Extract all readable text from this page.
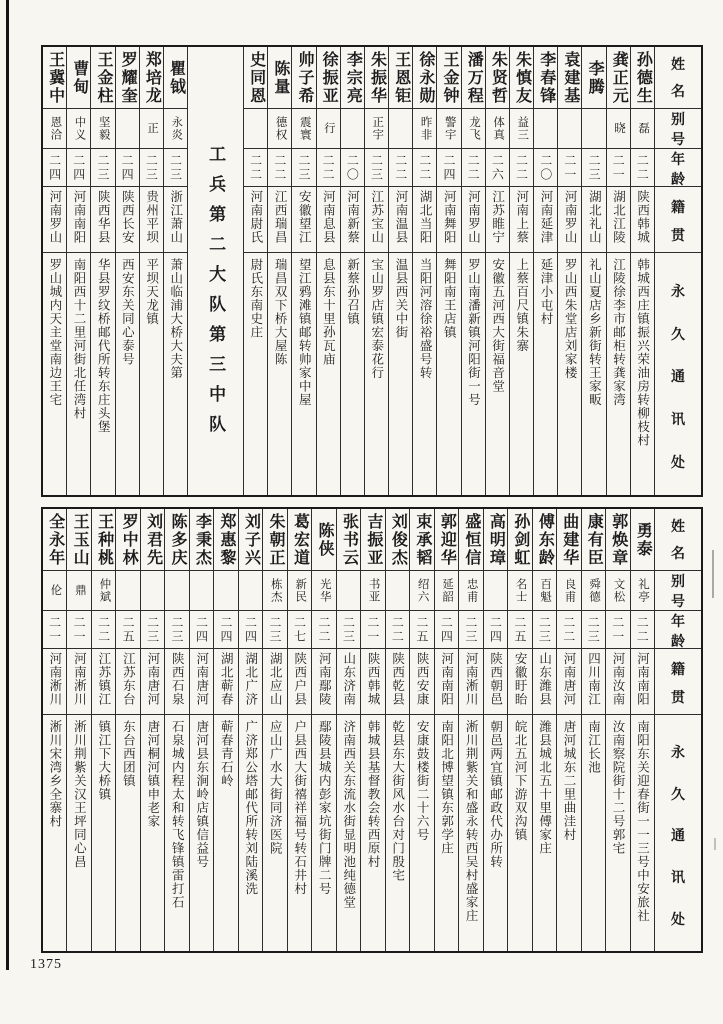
姓
名
别
号
年
龄
籍
贯
永
久
通
讯
处
孙德生
磊
二二
陕西韩城
韩城西庄镇振兴荣油房转柳枝村
龚正元
晓
二一
湖北江陵
江陵徐李市邮柜转龚家湾
李腾
二三
湖北礼山
礼山夏店乡新街转王家畈
袁建基
二一
河南罗山
罗山西朱堂店刘家楼
李春锋
二〇
河南延津
延津小屯村
朱慎友
益三
二二
河南上蔡
上蔡百尺镇朱寨
朱贤哲
体真
二六
江苏睢宁
安徽五河西大街福音堂
潘万程
龙飞
二二
河南罗山
罗山南潘新镇河阳街一号
王金钟
警宇
二四
河南舞阳
舞阳南王店镇
徐永勋
昨非
二二
湖北当阳
当阳河溶徐裕盛号转
王恩钜
二二
河南温县
温县西关中街
朱振华
正宇
二三
江苏宝山
宝山罗店镇宏泰花行
李宗亮
二〇
河南新蔡
新蔡孙召镇
徐振亚
行
二二
河南息县
息县东十里孙瓦庙
帅子希
震寰
二三
安徽望江
望江鸦滩镇邮转帅家中屋
陈量
德权
二二
江西瑞昌
瑞昌双下桥大屋陈
史同恩
二二
河南尉氏
尉氏东南史庄
工兵第二大队第三中队
瞿钺
永炎
二三
浙江萧山
萧山临浦大桥大夫第
郑培龙
正
二三
贵州平坝
平坝天龙镇
罗耀奎
二四
陕西长安
西安东关同心泰号
王金柱
坚毅
二三
陕西华县
华县罗纹桥邮代所转东庄头堡
曹甸
中义
二四
河南南阳
南阳西十二里河街北任湾村
王冀中
恩洽
二四
河南罗山
罗山城内天主堂南边王宅
姓
名
别
号
年
龄
籍
贯
永
久
通
讯
处
勇泰
礼亭
二二
河南南阳
南阳东关迎春街一一三号中安旅社
郭焕章
文松
二一
河南汝南
汝南察院街十二号郭宅
康有臣
舜德
二三
四川南江
南江长池
曲建华
良甫
二二
河南唐河
唐河城东二里曲洼村
傅东龄
百魁
二三
山东潍县
潍县城北五十里傅家庄
孙剑虹
名士
二五
安徽盱眙
皖北五河下游双沟镇
高明璋
二四
陕西朝邑
朝邑两宜镇邮政代办所转
盛恒信
忠甫
二三
河南淅川
淅川荆紫关和盛永转西吴村盛家庄
郭迎华
延韶
二四
河南南阳
南阳北博望镇东郭学庄
束承韬
绍六
二五
陕西安康
安康鼓楼街二十六号
刘俊杰
二二
陕西乾县
乾县东大街风水台对门殷宅
吉振亚
书亚
二一
陕西韩城
韩城县基督教会转西原村
张书云
二三
山东济南
济南西关东流水街显明池纯德堂
陈侠
光华
二二
河南鄢陵
鄢陵县城内彭家坑街门牌二号
葛宏道
新民
二七
陕西户县
户县西大街禧祥福号转石井村
朱朝正
栋杰
二三
湖北应山
应山广水大街同济医院
刘子兴
二四
湖北广济
广济郑公塔邮代所转刘陆溪洗
郑惠黎
二四
湖北蕲春
蕲春青石岭
李秉杰
二四
河南唐河
唐河县东涧岭店镇信益号
陈多庆
二三
陕西石泉
石泉城内程太和转飞锋镇雷打石
刘君先
二三
河南唐河
唐河桐河镇申老家
罗中林
二五
江苏东台
东台西团镇
王种桃
仲斌
二二
江苏镇江
镇江下大桥镇
王玉山
鼎
二一
河南淅川
淅川荆紫关汉王坪同心昌
全永年
伦
二一
河南淅川
淅川宋湾乡全寨村
1375
